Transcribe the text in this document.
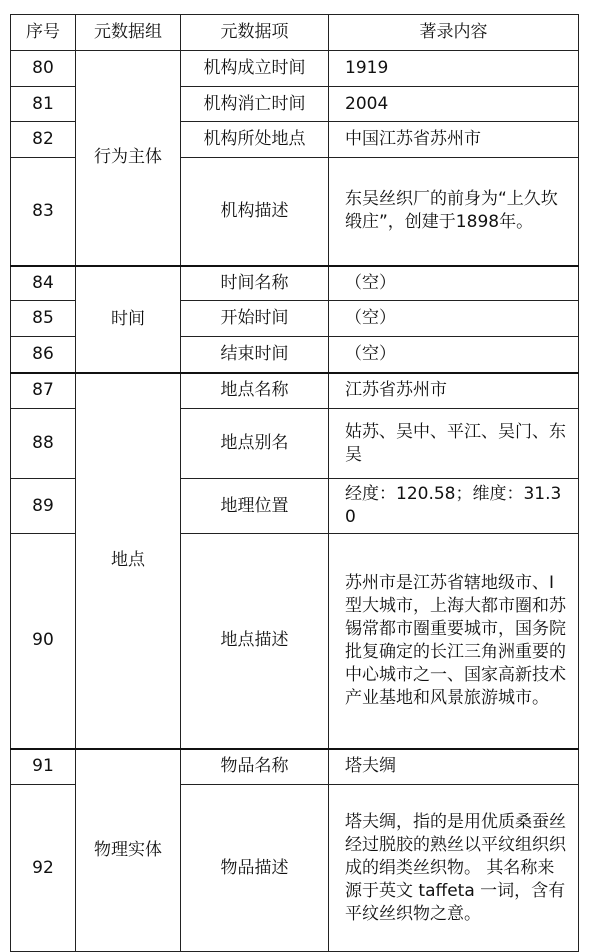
序号	元数据组	元数据项	著录内容
80	行为主体	机构成立时间	1919
81		机构消亡时间	2004
82		机构所处地点	中国江苏省苏州市
83		机构描述	东吴丝织厂的前身为“上久坎缎庄”，创建于1898年。
84	时间	时间名称	（空）
85		开始时间	（空）
86		结束时间	（空）
87	地点	地点名称	江苏省苏州市
88		地点别名	姑苏、吴中、平江、吴门、东吴
89		地理位置	经度：120.58；维度：31.30
90		地点描述	苏州市是江苏省辖地级市、I型大城市，上海大都市圈和苏锡常都市圈重要城市，国务院批复确定的长江三角洲重要的中心城市之一、国家高新技术产业基地和风景旅游城市。
91	物理实体	物品名称	塔夫绸
92		物品描述	塔夫绸，指的是用优质桑蚕丝经过脱胶的熟丝以平纹组织织成的绢类丝织物。 其名称来源于英文 taffeta 一词，含有平纹丝织物之意。
